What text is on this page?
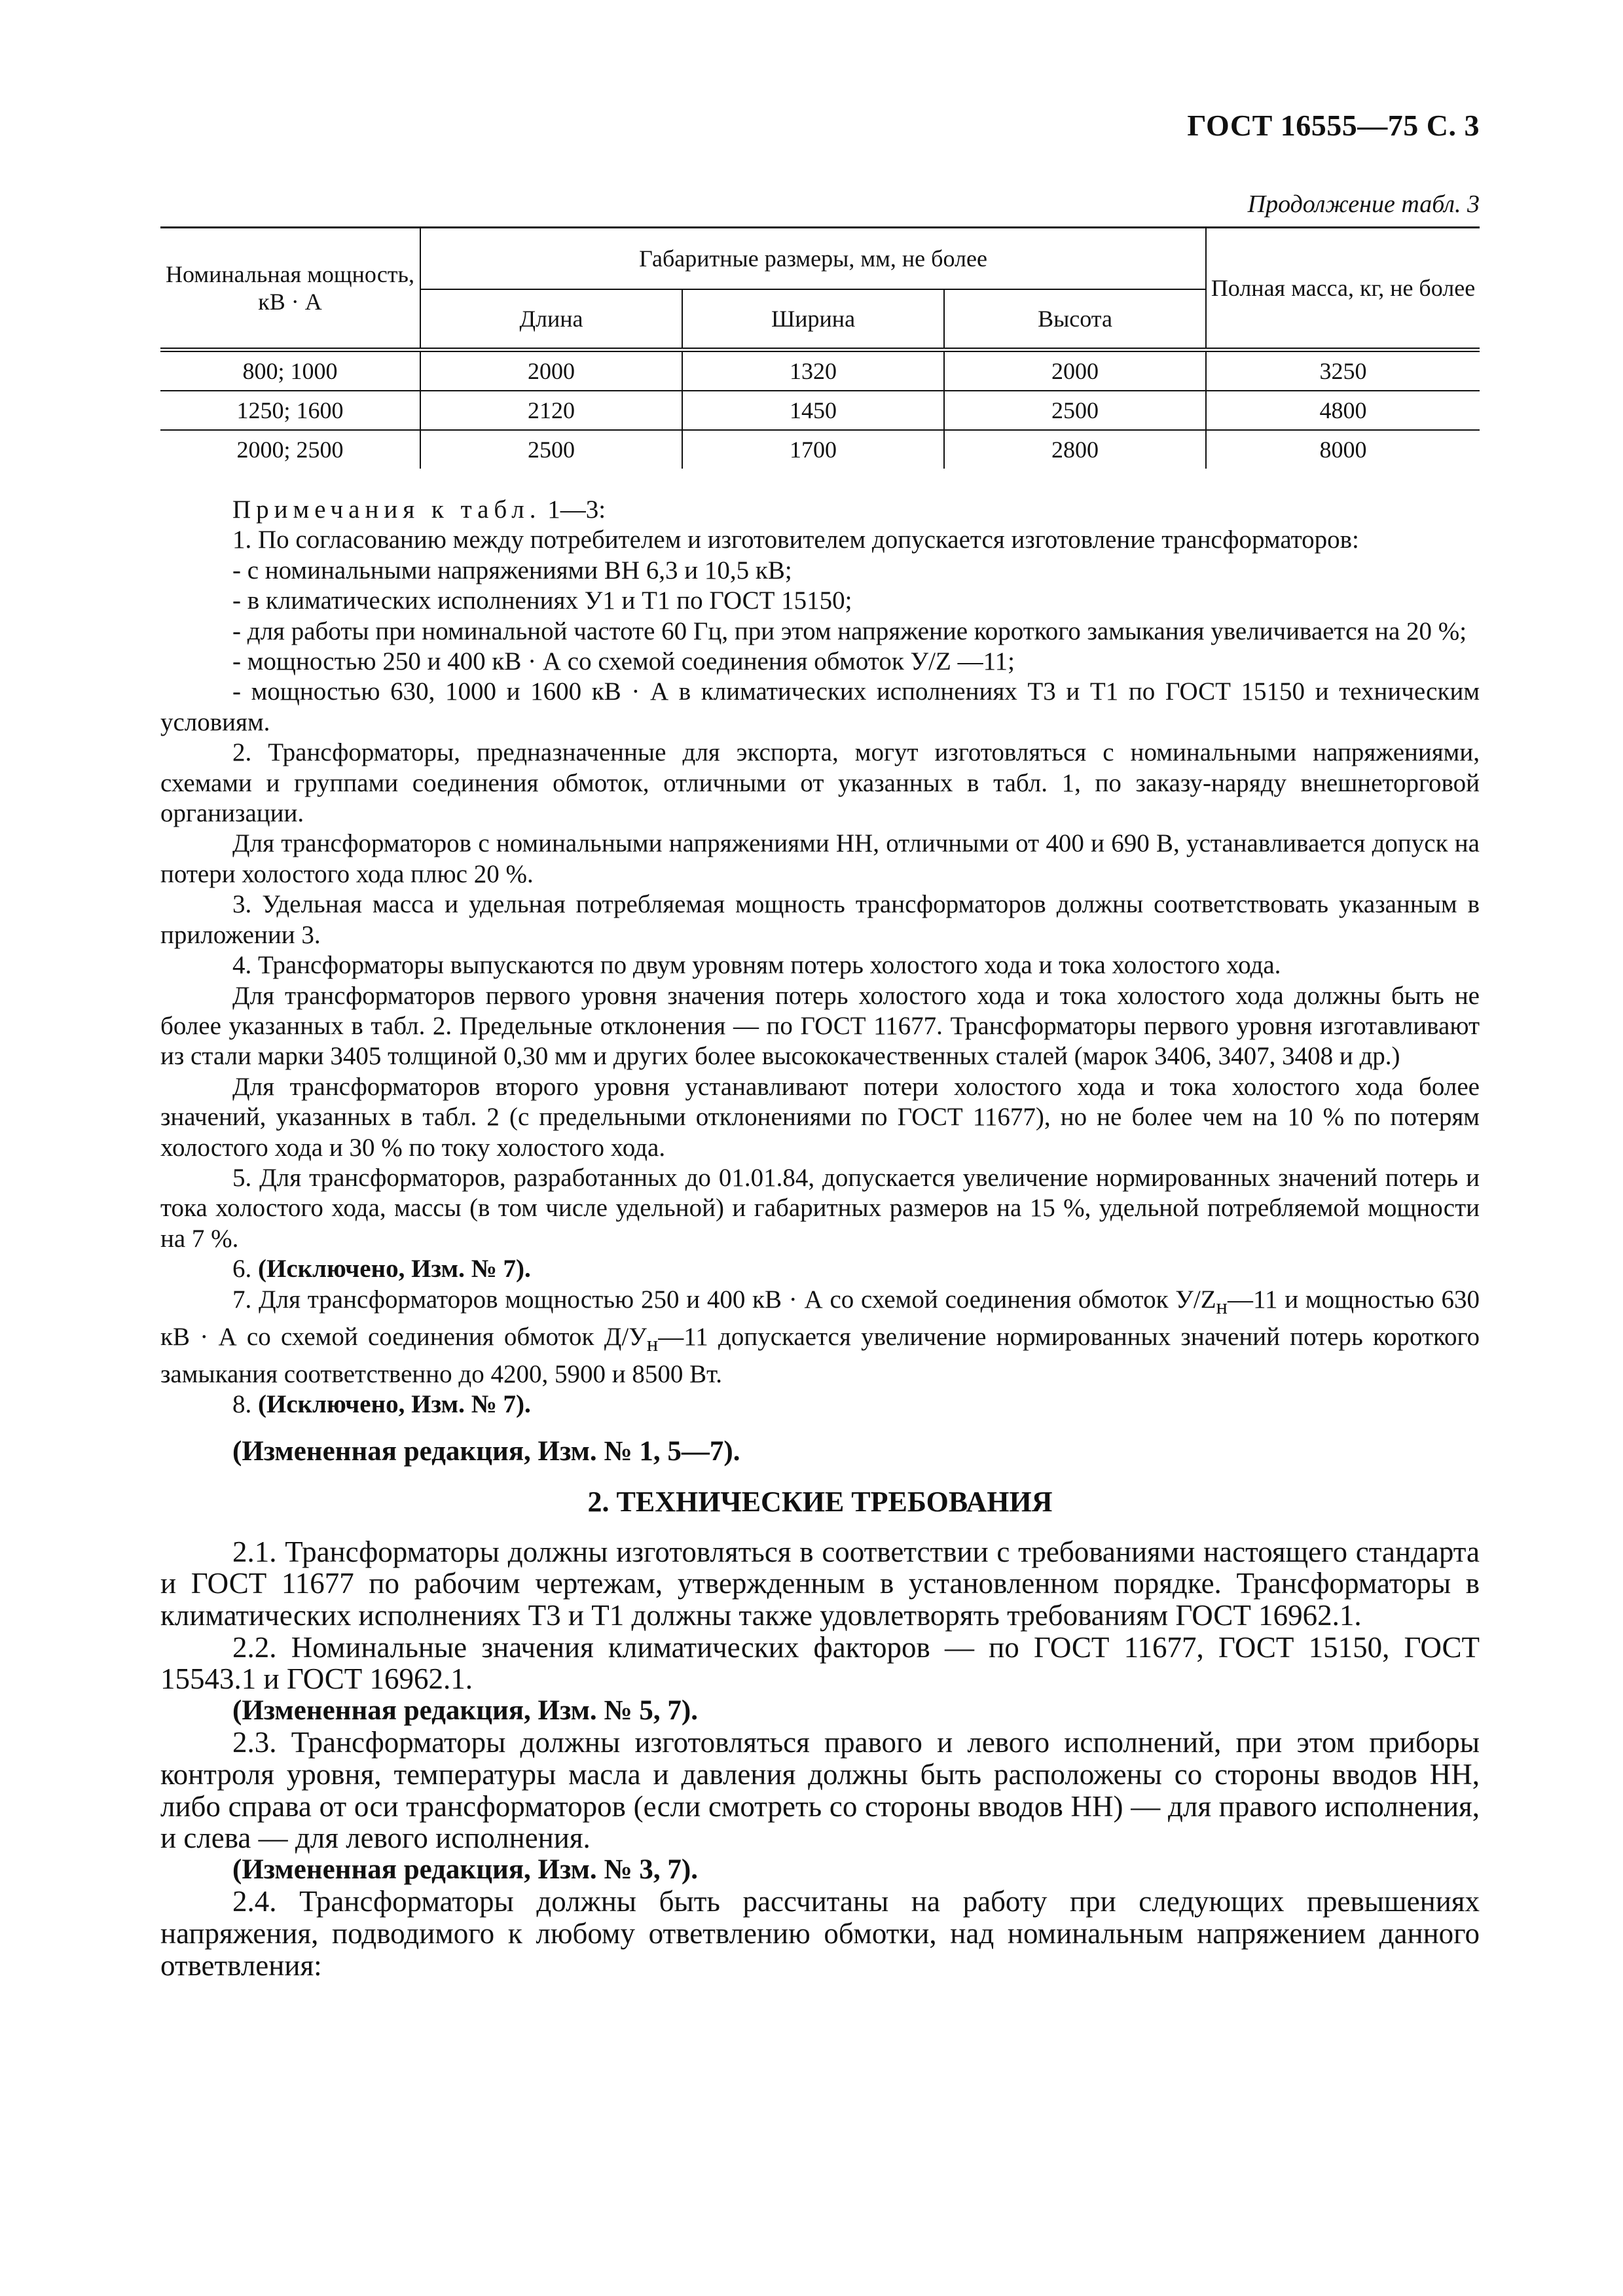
ГОСТ 16555—75 С. 3
Продолжение табл. 3
Номинальная мощность, кВ · А	Габаритные размеры, мм, не более			Полная масса, кг, не более
	Длина	Ширина	Высота	
800; 1000	2000	1320	2000	3250
1250; 1600	2120	1450	2500	4800
2000; 2500	2500	1700	2800	8000

Примечания к табл. 1—3:

1. По согласованию между потребителем и изготовителем допускается изготовление трансформаторов:

- с номинальными напряжениями ВН 6,3 и 10,5 кВ;

- в климатических исполнениях У1 и Т1 по ГОСТ 15150;

- для работы при номинальной частоте 60 Гц, при этом напряжение короткого замыкания увеличивается на 20 %;

- мощностью 250 и 400 кВ · А со схемой соединения обмоток У/Z —11;

- мощностью 630, 1000 и 1600 кВ · А в климатических исполнениях Т3 и Т1 по ГОСТ 15150 и техническим условиям.

2. Трансформаторы, предназначенные для экспорта, могут изготовляться с номинальными напряжениями, схемами и группами соединения обмоток, отличными от указанных в табл. 1, по заказу-наряду внешнеторговой организации.

Для трансформаторов с номинальными напряжениями НН, отличными от 400 и 690 В, устанавливается допуск на потери холостого хода плюс 20 %.

3. Удельная масса и удельная потребляемая мощность трансформаторов должны соответствовать указанным в приложении 3.

4. Трансформаторы выпускаются по двум уровням потерь холостого хода и тока холостого хода.

Для трансформаторов первого уровня значения потерь холостого хода и тока холостого хода должны быть не более указанных в табл. 2. Предельные отклонения — по ГОСТ 11677. Трансформаторы первого уровня изготавливают из стали марки 3405 толщиной 0,30 мм и других более высококачественных сталей (марок 3406, 3407, 3408 и др.)

Для трансформаторов второго уровня устанавливают потери холостого хода и тока холостого хода более значений, указанных в табл. 2 (с предельными отклонениями по ГОСТ 11677), но не более чем на 10 % по потерям холостого хода и 30 % по току холостого хода.

5. Для трансформаторов, разработанных до 01.01.84, допускается увеличение нормированных значений потерь и тока холостого хода, массы (в том числе удельной) и габаритных размеров на 15 %, удельной потребляемой мощности на 7 %.

6. (Исключено, Изм. № 7).

7. Для трансформаторов мощностью 250 и 400 кВ · А со схемой соединения обмоток $У/Z_н—11$ и мощностью 630 кВ · А со схемой соединения обмоток $Д/У_н—11$ допускается увеличение нормированных значений потерь короткого замыкания соответственно до 4200, 5900 и 8500 Вт.

8. (Исключено, Изм. № 7).

(Измененная редакция, Изм. № 1, 5—7).

2. ТЕХНИЧЕСКИЕ ТРЕБОВАНИЯ

2.1. Трансформаторы должны изготовляться в соответствии с требованиями настоящего стандарта и ГОСТ 11677 по рабочим чертежам, утвержденным в установленном порядке. Трансформаторы в климатических исполнениях Т3 и Т1 должны также удовлетворять требованиям ГОСТ 16962.1.

2.2. Номинальные значения климатических факторов — по ГОСТ 11677, ГОСТ 15150, ГОСТ 15543.1 и ГОСТ 16962.1.

(Измененная редакция, Изм. № 5, 7).

2.3. Трансформаторы должны изготовляться правого и левого исполнений, при этом приборы контроля уровня, температуры масла и давления должны быть расположены со стороны вводов НН, либо справа от оси трансформаторов (если смотреть со стороны вводов НН) — для правого исполнения, и слева — для левого исполнения.

(Измененная редакция, Изм. № 3, 7).

2.4. Трансформаторы должны быть рассчитаны на работу при следующих превышениях напряжения, подводимого к любому ответвлению обмотки, над номинальным напряжением данного ответвления:
